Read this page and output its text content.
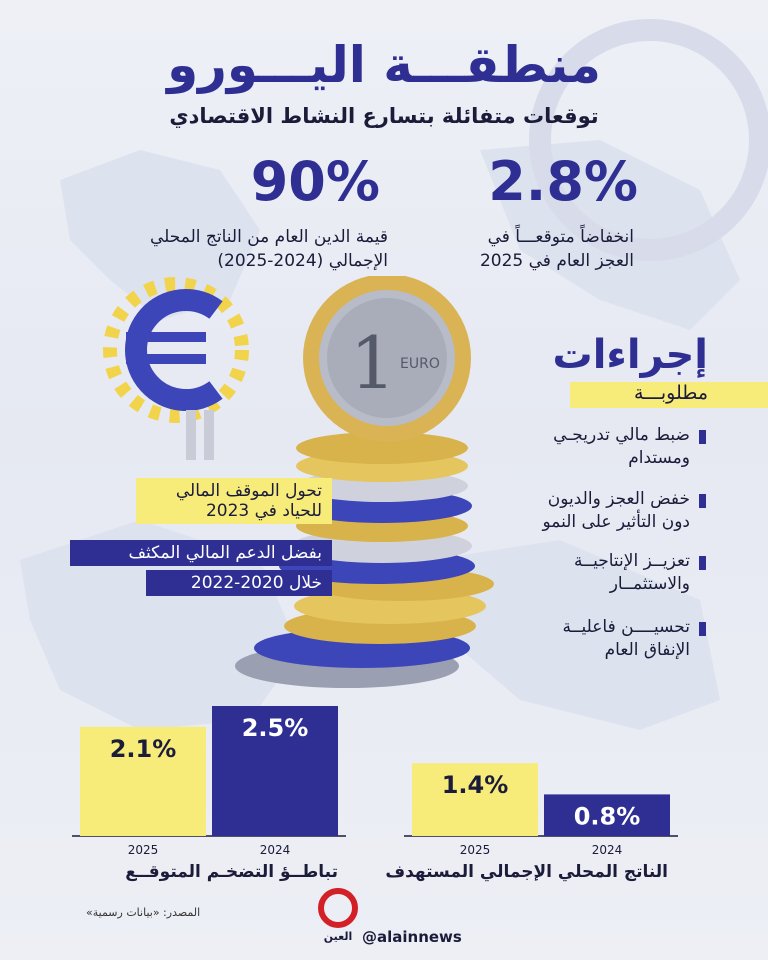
منطقـــة اليـــورو
توقعات متفائلة بتسارع النشاط الاقتصادي
90%
قيمة الدين العام من الناتج المحلي
الإجمالي (2024-2025)
2.8%
انخفاضاً متوقعـــاً في
العجز العام في 2025
1 EURO	إجراءات
مطلوبـــة
ضبط مالي تدريجـي
ومستدام
خفض العجز والديون
دون التأثير على النمو
تعزيــز الإنتاجيــة
والاستثمــار
تحسيــــن فاعليــة
الإنفاق العام
تحول الموقف المالي
للحياد في 2023
بفضل الدعم المالي المكثف
خلال 2020-2022
1.4%
2025
0.8%
2024
2.1%
2025
2.5%
2024
الناتج المحلي الإجمالي المستهدف
تباطــؤ التضخـم المتوقــع
المصدر: «بيانات رسمية»
العين @alainnews
